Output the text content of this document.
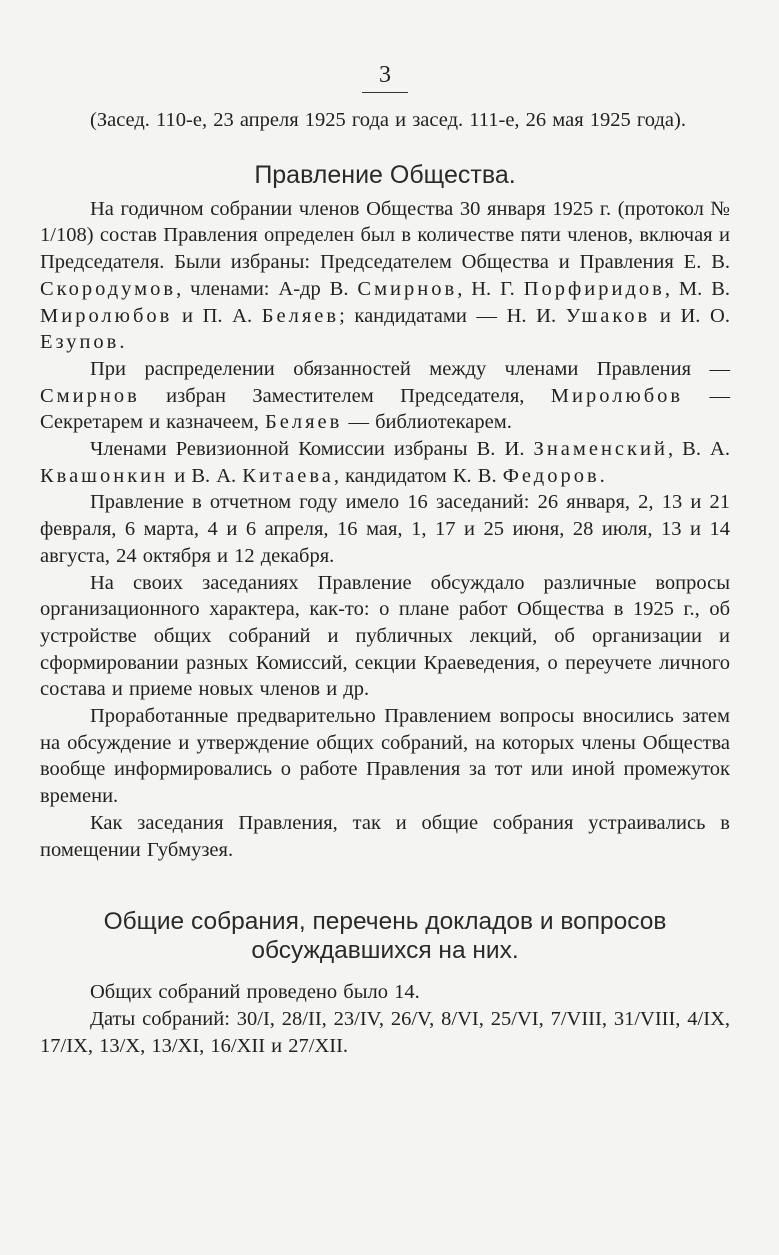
3

(Засед. 110-е, 23 апреля 1925 года и засед. 111-е, 26 мая 1925 года).

Правление Общества.

На годичном собрании членов Общества 30 января 1925 г. (протокол № 1/108) состав Правления определен был в количестве пяти членов, включая и Председателя. Были избраны: Председателем Общества и Правления Е. В. Скородумов, членами: А-др В. Смирнов, Н. Г. Порфиридов, М. В. Миролюбов и П. А. Беляев; кандидатами — Н. И. Ушаков и И. О. Езупов.

При распределении обязанностей между членами Правления — Смирнов избран Заместителем Председателя, Миролюбов — Секретарем и казначеем, Беляев — библиотекарем.

Членами Ревизионной Комиссии избраны В. И. Знаменский, В. А. Квашонкин и В. А. Китаева, кандидатом К. В. Федоров.

Правление в отчетном году имело 16 заседаний: 26 января, 2, 13 и 21 февраля, 6 марта, 4 и 6 апреля, 16 мая, 1, 17 и 25 июня, 28 июля, 13 и 14 августа, 24 октября и 12 декабря.

На своих заседаниях Правление обсуждало различные вопросы организационного характера, как-то: о плане работ Общества в 1925 г., об устройстве общих собраний и публичных лекций, об организации и сформировании разных Комиссий, секции Краеведения, о переучете личного состава и приеме новых членов и др.

Проработанные предварительно Правлением вопросы вносились затем на обсуждение и утверждение общих собраний, на которых члены Общества вообще информировались о работе Правления за тот или иной промежуток времени.

Как заседания Правления, так и общие собрания устраивались в помещении Губмузея.

Общие собрания, перечень докладов и вопросов
обсуждавшихся на них.

Общих собраний проведено было 14.

Даты собраний: 30/I, 28/II, 23/IV, 26/V, 8/VI, 25/VI, 7/VIII, 31/VIII, 4/IX, 17/IX, 13/X, 13/XI, 16/XII и 27/XII.
